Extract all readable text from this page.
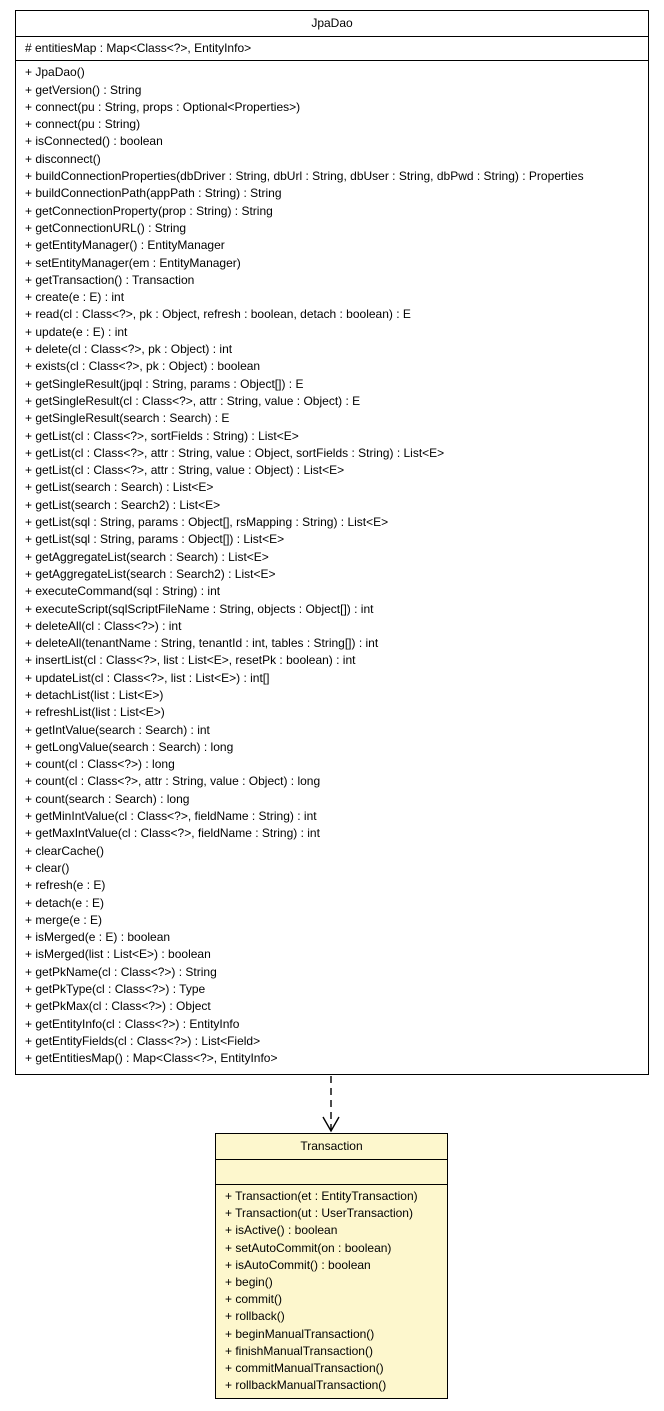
JpaDao
# entitiesMap : Map<Class<?>, EntityInfo>
+ JpaDao()
+ getVersion() : String
+ connect(pu : String, props : Optional<Properties>)
+ connect(pu : String)
+ isConnected() : boolean
+ disconnect()
+ buildConnectionProperties(dbDriver : String, dbUrl : String, dbUser : String, dbPwd : String) : Properties
+ buildConnectionPath(appPath : String) : String
+ getConnectionProperty(prop : String) : String
+ getConnectionURL() : String
+ getEntityManager() : EntityManager
+ setEntityManager(em : EntityManager)
+ getTransaction() : Transaction
+ create(e : E) : int
+ read(cl : Class<?>, pk : Object, refresh : boolean, detach : boolean) : E
+ update(e : E) : int
+ delete(cl : Class<?>, pk : Object) : int
+ exists(cl : Class<?>, pk : Object) : boolean
+ getSingleResult(jpql : String, params : Object[]) : E
+ getSingleResult(cl : Class<?>, attr : String, value : Object) : E
+ getSingleResult(search : Search) : E
+ getList(cl : Class<?>, sortFields : String) : List<E>
+ getList(cl : Class<?>, attr : String, value : Object, sortFields : String) : List<E>
+ getList(cl : Class<?>, attr : String, value : Object) : List<E>
+ getList(search : Search) : List<E>
+ getList(search : Search2) : List<E>
+ getList(sql : String, params : Object[], rsMapping : String) : List<E>
+ getList(sql : String, params : Object[]) : List<E>
+ getAggregateList(search : Search) : List<E>
+ getAggregateList(search : Search2) : List<E>
+ executeCommand(sql : String) : int
+ executeScript(sqlScriptFileName : String, objects : Object[]) : int
+ deleteAll(cl : Class<?>) : int
+ deleteAll(tenantName : String, tenantId : int, tables : String[]) : int
+ insertList(cl : Class<?>, list : List<E>, resetPk : boolean) : int
+ updateList(cl : Class<?>, list : List<E>) : int[]
+ detachList(list : List<E>)
+ refreshList(list : List<E>)
+ getIntValue(search : Search) : int
+ getLongValue(search : Search) : long
+ count(cl : Class<?>) : long
+ count(cl : Class<?>, attr : String, value : Object) : long
+ count(search : Search) : long
+ getMinIntValue(cl : Class<?>, fieldName : String) : int
+ getMaxIntValue(cl : Class<?>, fieldName : String) : int
+ clearCache()
+ clear()
+ refresh(e : E)
+ detach(e : E)
+ merge(e : E)
+ isMerged(e : E) : boolean
+ isMerged(list : List<E>) : boolean
+ getPkName(cl : Class<?>) : String
+ getPkType(cl : Class<?>) : Type
+ getPkMax(cl : Class<?>) : Object
+ getEntityInfo(cl : Class<?>) : EntityInfo
+ getEntityFields(cl : Class<?>) : List<Field>
+ getEntitiesMap() : Map<Class<?>, EntityInfo>
Transaction
+ Transaction(et : EntityTransaction)
+ Transaction(ut : UserTransaction)
+ isActive() : boolean
+ setAutoCommit(on : boolean)
+ isAutoCommit() : boolean
+ begin()
+ commit()
+ rollback()
+ beginManualTransaction()
+ finishManualTransaction()
+ commitManualTransaction()
+ rollbackManualTransaction()
